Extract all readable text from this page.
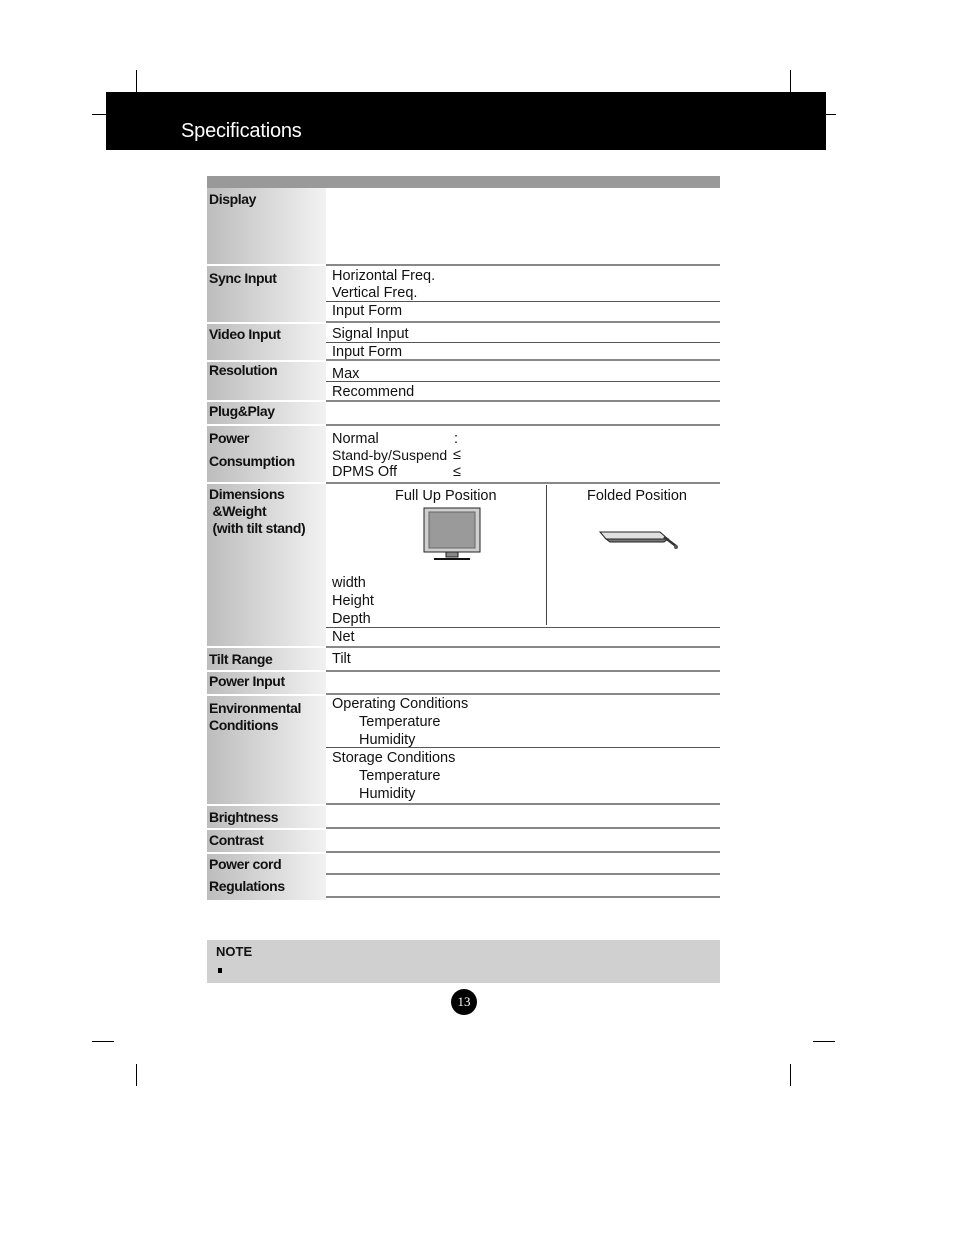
Specifications
Display
Sync Input
Video Input
Resolution
Plug&Play
Power
Consumption
Dimensions
&Weight
(with tilt stand)
Tilt Range
Power Input
Environmental
Conditions
Brightness
Contrast
Power cord
Regulations
Horizontal Freq.
Vertical Freq.
Input Form
Signal Input
Input Form
Max
Recommend
Normal
Stand-by/Suspend
DPMS Off
:
≤
≤
Full Up Position	Folded Position
width
Height
Depth
Net
Tilt
Operating Conditions
Temperature
Humidity
Storage Conditions
Temperature
Humidity
NOTE
13
